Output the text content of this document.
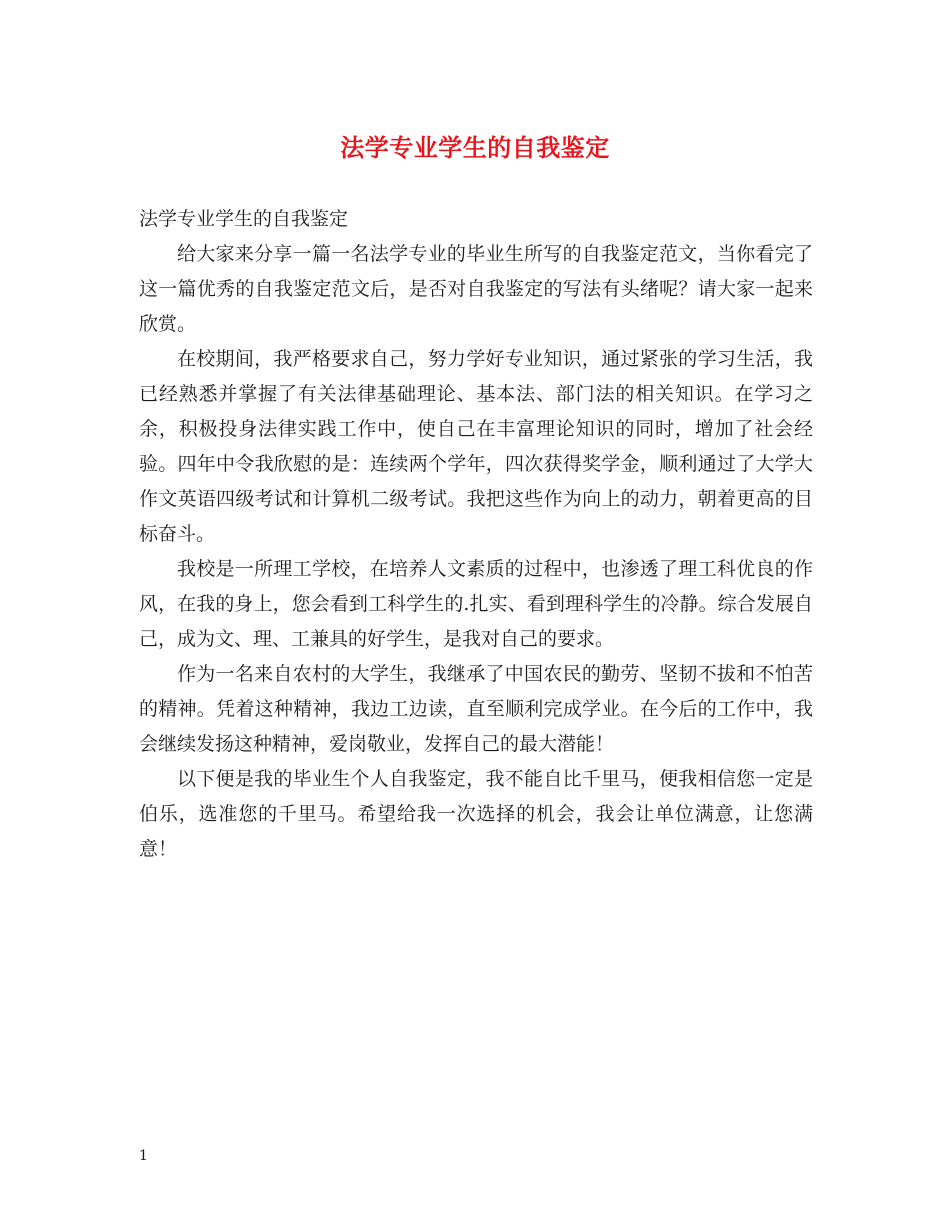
法学专业学生的自我鉴定

法学专业学生的自我鉴定

给大家来分享一篇一名法学专业的毕业生所写的自我鉴定范文，当你看完了这一篇优秀的自我鉴定范文后，是否对自我鉴定的写法有头绪呢？请大家一起来欣赏。

在校期间，我严格要求自己，努力学好专业知识，通过紧张的学习生活，我已经熟悉并掌握了有关法律基础理论、基本法、部门法的相关知识。在学习之余，积极投身法律实践工作中，使自己在丰富理论知识的同时，增加了社会经验。四年中令我欣慰的是：连续两个学年，四次获得奖学金，顺利通过了大学大作文英语四级考试和计算机二级考试。我把这些作为向上的动力，朝着更高的目标奋斗。

我校是一所理工学校，在培养人文素质的过程中，也渗透了理工科优良的作风，在我的身上，您会看到工科学生的.扎实、看到理科学生的冷静。综合发展自己，成为文、理、工兼具的好学生，是我对自己的要求。

作为一名来自农村的大学生，我继承了中国农民的勤劳、坚韧不拔和不怕苦的精神。凭着这种精神，我边工边读，直至顺利完成学业。在今后的工作中，我会继续发扬这种精神，爱岗敬业，发挥自己的最大潜能！

以下便是我的毕业生个人自我鉴定，我不能自比千里马，便我相信您一定是伯乐，选准您的千里马。希望给我一次选择的机会，我会让单位满意，让您满意！

1
